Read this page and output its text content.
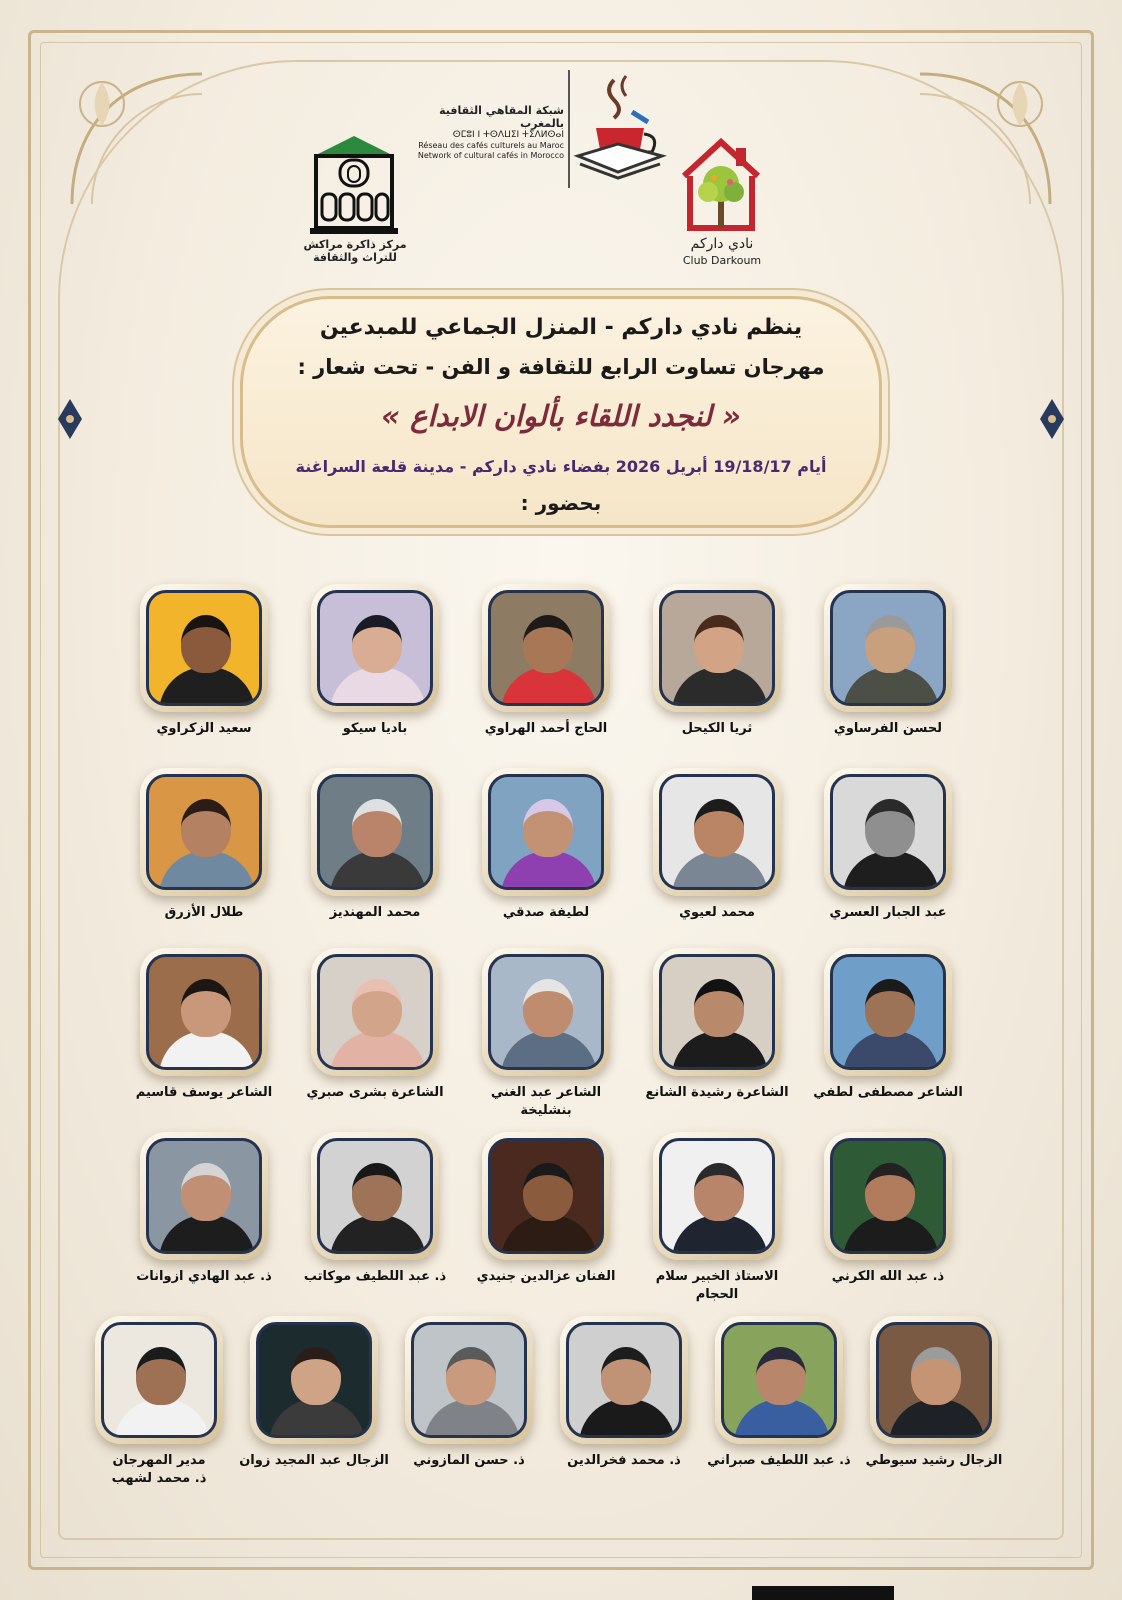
مركز ذاكرة مراكش
للتراث والثقافة
شبكة المقاهي الثقافية بالمغرب
ⵙⵎⵓⵏ ⵏ ⵜⵙⴷⵡⵉⵏ ⵜⵉⴷⵍⵙⴰⵏ
Réseau des cafés culturels au Maroc
Network of cultural cafés in Morocco
نادي داركم
Club Darkoum
ينظم نادي داركم - المنزل الجماعي للمبدعين
مهرجان تساوت الرابع للثقافة و الفن - تحت شعار :
« لنجدد اللقاء بألوان الابداع »
أيام 19/18/17 أبريل 2026 بفضاء نادي داركم - مدينة قلعة السراغنة
بحضور :
لحسن الفرساوي
ثريا الكيحل
الحاج أحمد الهراوي
باديا سيكو
سعيد الزكراوي
عبد الجبار العسري
محمد لعيوي
لطيفة صدقي
محمد المهنديز
طلال الأزرق
الشاعر مصطفى لطفي
الشاعرة رشيدة الشانع
الشاعر عبد الغني بنشليخة
الشاعرة بشرى صبري
الشاعر يوسف قاسيم
ذ. عبد الله الكرني
الاستاذ الخبير سلام الحجام
الفنان عزالدين جنيدي
ذ. عبد اللطيف موكاتب
ذ. عبد الهادي ازوانات
الزجال رشيد سيوطي
ذ. عبد اللطيف صبراني
ذ. محمد فخرالدين
ذ. حسن المازوني
الزجال عبد المجيد زوان
مدير المهرجان
ذ. محمد لشهب
